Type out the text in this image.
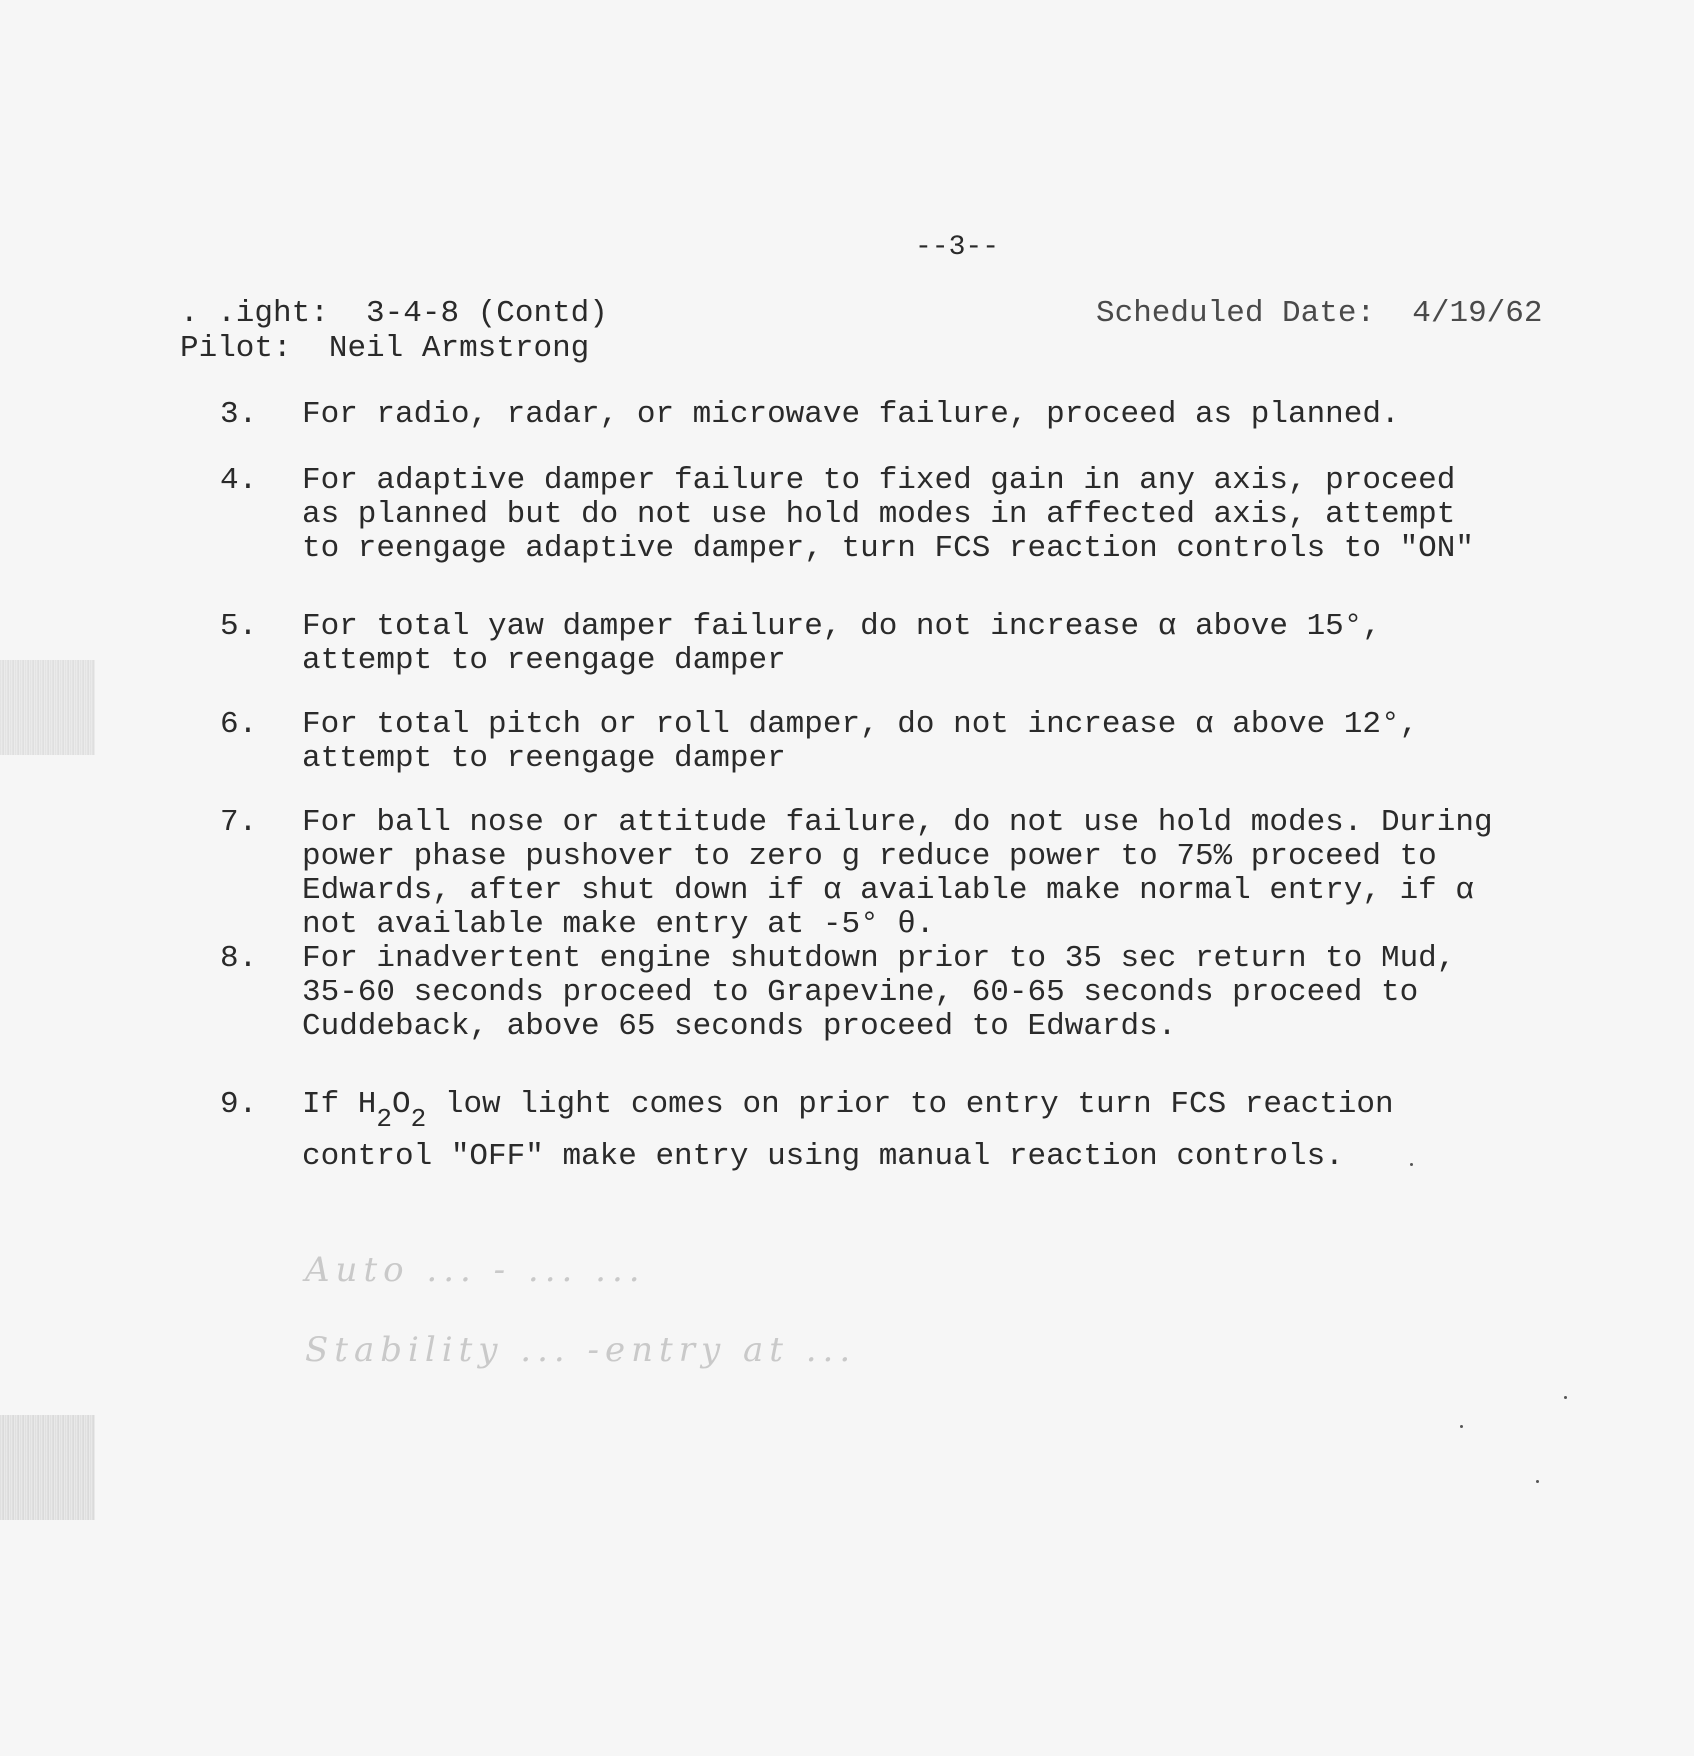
--3--
. .ight: 3-4-8 (Contd)
Pilot: Neil Armstrong
Scheduled Date: 4/19/62
3.	For radio, radar, or microwave failure, proceed as planned.
4.	For adaptive damper failure to fixed gain in any axis, proceed
as planned but do not use hold modes in affected axis, attempt
to reengage adaptive damper, turn FCS reaction controls to "ON"
5.	For total yaw damper failure, do not increase α above 15°,
attempt to reengage damper
6.	For total pitch or roll damper, do not increase α above 12°,
attempt to reengage damper
7.	For ball nose or attitude failure, do not use hold modes. During
power phase pushover to zero g reduce power to 75% proceed to
Edwards, after shut down if α available make normal entry, if α
not available make entry at -5° θ.
8.	For inadvertent engine shutdown prior to 35 sec return to Mud,
35-60 seconds proceed to Grapevine, 60-65 seconds proceed to
Cuddeback, above 65 seconds proceed to Edwards.
9.	If $H_2O_2$ low light comes on prior to entry turn FCS reaction
control "OFF" make entry using manual reaction controls.
Auto ... - ... ...
Stability ... -entry at ...
